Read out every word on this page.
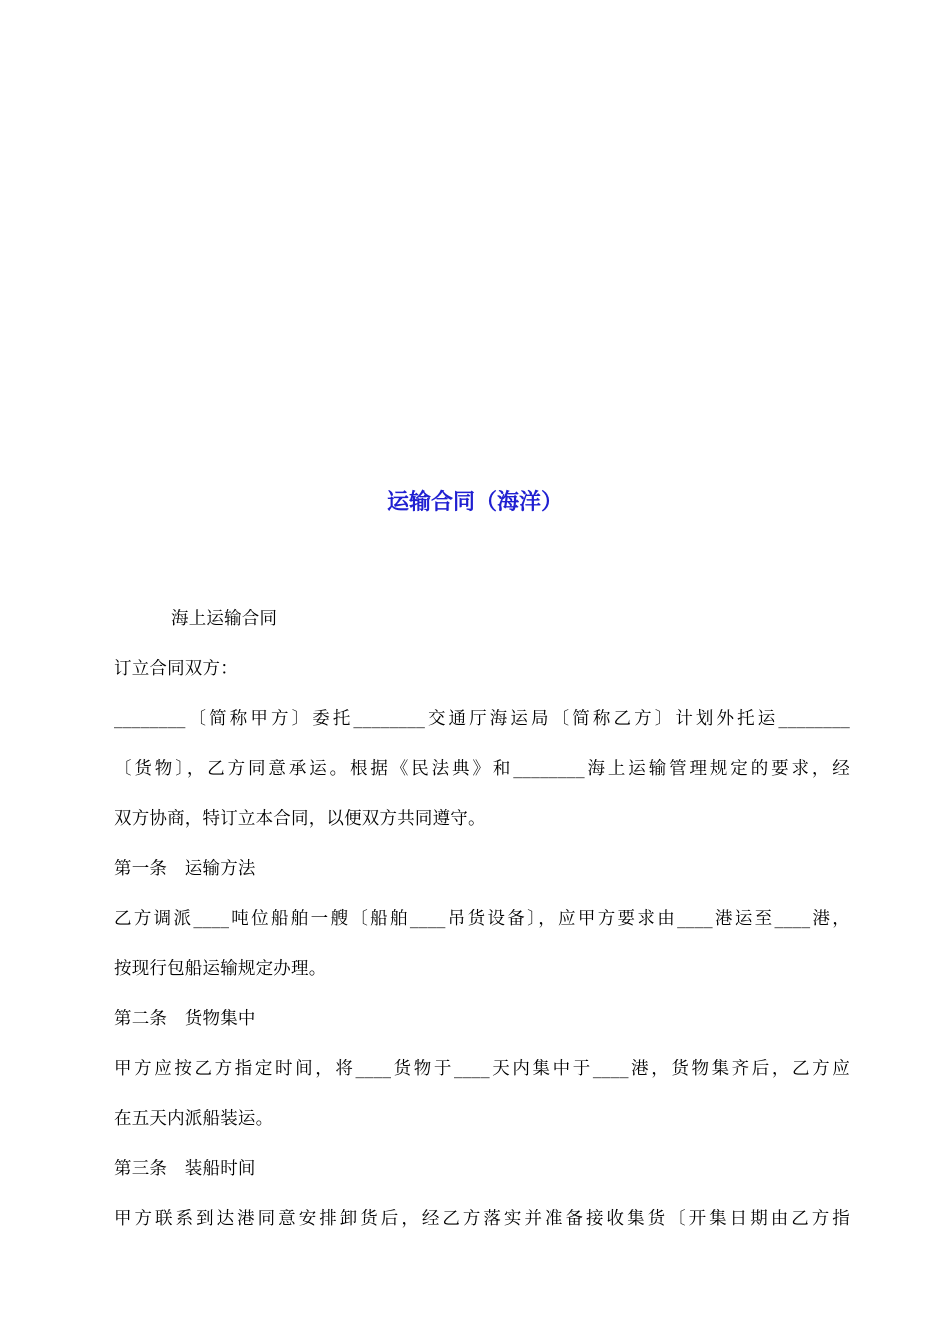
运输合同（海洋）

海上运输合同

订立合同双方：

________〔简称甲方〕委托________交通厅海运局〔简称乙方〕计划外托运________

〔货物〕，乙方同意承运。根据《民法典》和________海上运输管理规定的要求，经

双方协商，特订立本合同，以便双方共同遵守。

第一条　运输方法

乙方调派____吨位船舶一艘〔船舶____吊货设备〕，应甲方要求由____港运至____港，

按现行包船运输规定办理。

第二条　货物集中

甲方应按乙方指定时间，将____货物于____天内集中于____港，货物集齐后，乙方应

在五天内派船装运。

第三条　装船时间

甲方联系到达港同意安排卸货后，经乙方落实并准备接收集货〔开集日期由乙方指
